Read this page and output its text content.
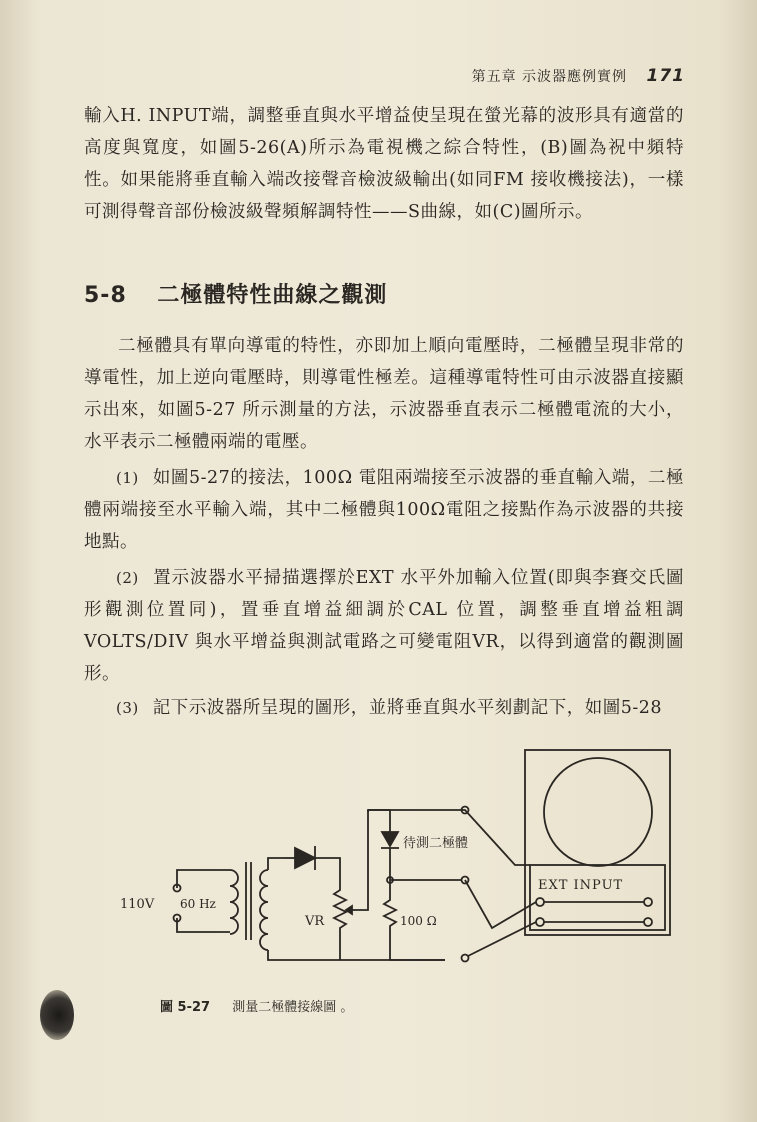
第五章 示波器應例實例 171

輸入H. INPUT端，調整垂直與水平增益使呈現在螢光幕的波形具有適當的高度與寬度，如圖5-26(A)所示為電視機之綜合特性，(B)圖為祝中頻特性。如果能將垂直輸入端改接聲音檢波級輸出(如同FM 接收機接法)，一樣可測得聲音部份檢波級聲頻解調特性——S曲線，如(C)圖所示。

5-8 二極體特性曲線之觀測

二極體具有單向導電的特性，亦即加上順向電壓時，二極體呈現非常的導電性，加上逆向電壓時，則導電性極差。這種導電特性可由示波器直接顯示出來，如圖5-27 所示測量的方法，示波器垂直表示二極體電流的大小，水平表示二極體兩端的電壓。

(1) 如圖5-27的接法，100Ω 電阻兩端接至示波器的垂直輸入端，二極體兩端接至水平輸入端，其中二極體與100Ω電阻之接點作為示波器的共接地點。

(2) 置示波器水平掃描選擇於EXT 水平外加輸入位置(即與李賽交氏圖形觀測位置同)，置垂直增益細調於CAL 位置，調整垂直增益粗調 VOLTS/DIV 與水平增益與測試電路之可變電阻VR，以得到適當的觀測圖形。

(3) 記下示波器所呈現的圖形，並將垂直與水平刻劃記下，如圖5-28

110V 60 Hz
VR	100 Ω
待測二極體
EXT INPUT
圖 5-27 測量二極體接線圖 。
